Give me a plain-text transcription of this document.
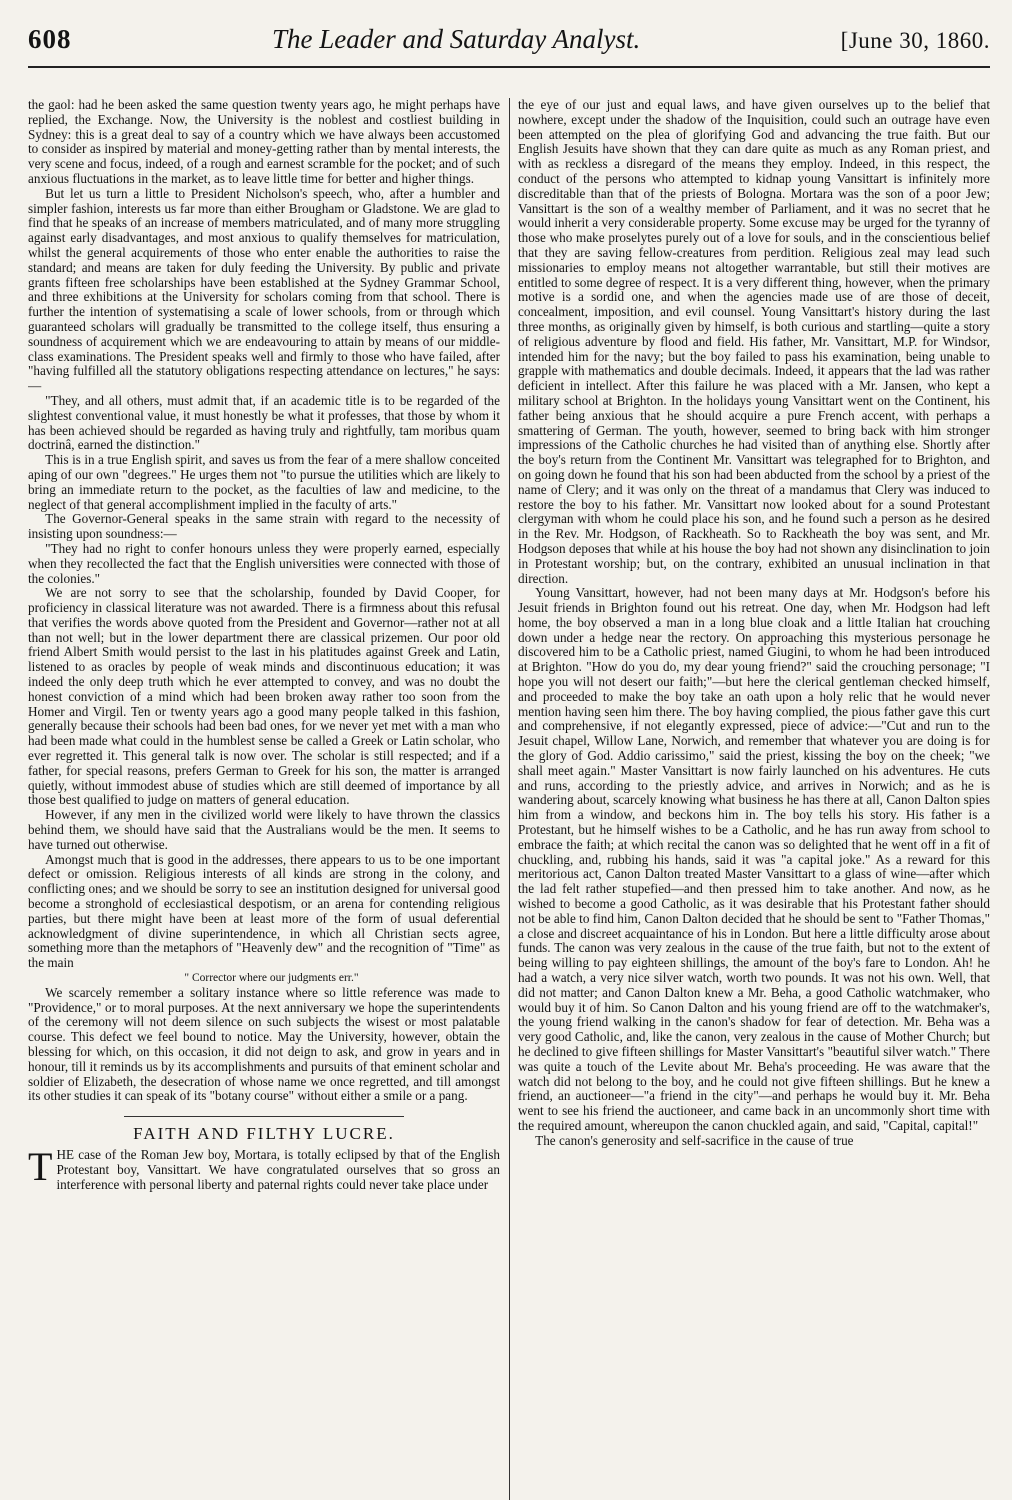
608	The Leader and Saturday Analyst.	[June 30, 1860.

the gaol: had he been asked the same question twenty years ago, he might perhaps have replied, the Exchange. Now, the University is the noblest and costliest building in Sydney: this is a great deal to say of a country which we have always been accustomed to consider as inspired by material and money-getting rather than by mental interests, the very scene and focus, indeed, of a rough and earnest scramble for the pocket; and of such anxious fluctuations in the market, as to leave little time for better and higher things.

But let us turn a little to President Nicholson's speech, who, after a humbler and simpler fashion, interests us far more than either Brougham or Gladstone. We are glad to find that he speaks of an increase of members matriculated, and of many more struggling against early disadvantages, and most anxious to qualify themselves for matriculation, whilst the general acquirements of those who enter enable the authorities to raise the standard; and means are taken for duly feeding the University. By public and private grants fifteen free scholarships have been established at the Sydney Grammar School, and three exhibitions at the University for scholars coming from that school. There is further the intention of systematising a scale of lower schools, from or through which guaranteed scholars will gradually be transmitted to the college itself, thus ensuring a soundness of acquirement which we are endeavouring to attain by means of our middle-class examinations. The President speaks well and firmly to those who have failed, after "having fulfilled all the statutory obligations respecting attendance on lectures," he says:—

"They, and all others, must admit that, if an academic title is to be regarded of the slightest conventional value, it must honestly be what it professes, that those by whom it has been achieved should be regarded as having truly and rightfully, tam moribus quam doctrinâ, earned the distinction."

This is in a true English spirit, and saves us from the fear of a mere shallow conceited aping of our own "degrees." He urges them not "to pursue the utilities which are likely to bring an immediate return to the pocket, as the faculties of law and medicine, to the neglect of that general accomplishment implied in the faculty of arts."

The Governor-General speaks in the same strain with regard to the necessity of insisting upon soundness:—

"They had no right to confer honours unless they were properly earned, especially when they recollected the fact that the English universities were connected with those of the colonies."

We are not sorry to see that the scholarship, founded by David Cooper, for proficiency in classical literature was not awarded. There is a firmness about this refusal that verifies the words above quoted from the President and Governor—rather not at all than not well; but in the lower department there are classical prizemen. Our poor old friend Albert Smith would persist to the last in his platitudes against Greek and Latin, listened to as oracles by people of weak minds and discontinuous education; it was indeed the only deep truth which he ever attempted to convey, and was no doubt the honest conviction of a mind which had been broken away rather too soon from the Homer and Virgil. Ten or twenty years ago a good many people talked in this fashion, generally because their schools had been bad ones, for we never yet met with a man who had been made what could in the humblest sense be called a Greek or Latin scholar, who ever regretted it. This general talk is now over. The scholar is still respected; and if a father, for special reasons, prefers German to Greek for his son, the matter is arranged quietly, without immodest abuse of studies which are still deemed of importance by all those best qualified to judge on matters of general education.

However, if any men in the civilized world were likely to have thrown the classics behind them, we should have said that the Australians would be the men. It seems to have turned out otherwise.

Amongst much that is good in the addresses, there appears to us to be one important defect or omission. Religious interests of all kinds are strong in the colony, and conflicting ones; and we should be sorry to see an institution designed for universal good become a stronghold of ecclesiastical despotism, or an arena for contending religious parties, but there might have been at least more of the form of usual deferential acknowledgment of divine superintendence, in which all Christian sects agree, something more than the metaphors of "Heavenly dew" and the recognition of "Time" as the main

" Corrector where our judgments err."

We scarcely remember a solitary instance where so little reference was made to "Providence," or to moral purposes. At the next anniversary we hope the superintendents of the ceremony will not deem silence on such subjects the wisest or most palatable course. This defect we feel bound to notice. May the University, however, obtain the blessing for which, on this occasion, it did not deign to ask, and grow in years and in honour, till it reminds us by its accomplishments and pursuits of that eminent scholar and soldier of Elizabeth, the desecration of whose name we once regretted, and till amongst its other studies it can speak of its "botany course" without either a smile or a pang.

FAITH AND FILTHY LUCRE.

THE case of the Roman Jew boy, Mortara, is totally eclipsed by that of the English Protestant boy, Vansittart. We have congratulated ourselves that so gross an interference with personal liberty and paternal rights could never take place under

the eye of our just and equal laws, and have given ourselves up to the belief that nowhere, except under the shadow of the Inquisition, could such an outrage have even been attempted on the plea of glorifying God and advancing the true faith. But our English Jesuits have shown that they can dare quite as much as any Roman priest, and with as reckless a disregard of the means they employ. Indeed, in this respect, the conduct of the persons who attempted to kidnap young Vansittart is infinitely more discreditable than that of the priests of Bologna. Mortara was the son of a poor Jew; Vansittart is the son of a wealthy member of Parliament, and it was no secret that he would inherit a very considerable property. Some excuse may be urged for the tyranny of those who make proselytes purely out of a love for souls, and in the conscientious belief that they are saving fellow-creatures from perdition. Religious zeal may lead such missionaries to employ means not altogether warrantable, but still their motives are entitled to some degree of respect. It is a very different thing, however, when the primary motive is a sordid one, and when the agencies made use of are those of deceit, concealment, imposition, and evil counsel. Young Vansittart's history during the last three months, as originally given by himself, is both curious and startling—quite a story of religious adventure by flood and field. His father, Mr. Vansittart, M.P. for Windsor, intended him for the navy; but the boy failed to pass his examination, being unable to grapple with mathematics and double decimals. Indeed, it appears that the lad was rather deficient in intellect. After this failure he was placed with a Mr. Jansen, who kept a military school at Brighton. In the holidays young Vansittart went on the Continent, his father being anxious that he should acquire a pure French accent, with perhaps a smattering of German. The youth, however, seemed to bring back with him stronger impressions of the Catholic churches he had visited than of anything else. Shortly after the boy's return from the Continent Mr. Vansittart was telegraphed for to Brighton, and on going down he found that his son had been abducted from the school by a priest of the name of Clery; and it was only on the threat of a mandamus that Clery was induced to restore the boy to his father. Mr. Vansittart now looked about for a sound Protestant clergyman with whom he could place his son, and he found such a person as he desired in the Rev. Mr. Hodgson, of Rackheath. So to Rackheath the boy was sent, and Mr. Hodgson deposes that while at his house the boy had not shown any disinclination to join in Protestant worship; but, on the contrary, exhibited an unusual inclination in that direction.

Young Vansittart, however, had not been many days at Mr. Hodgson's before his Jesuit friends in Brighton found out his retreat. One day, when Mr. Hodgson had left home, the boy observed a man in a long blue cloak and a little Italian hat crouching down under a hedge near the rectory. On approaching this mysterious personage he discovered him to be a Catholic priest, named Giugini, to whom he had been introduced at Brighton. "How do you do, my dear young friend?" said the crouching personage; "I hope you will not desert our faith;"—but here the clerical gentleman checked himself, and proceeded to make the boy take an oath upon a holy relic that he would never mention having seen him there. The boy having complied, the pious father gave this curt and comprehensive, if not elegantly expressed, piece of advice:—"Cut and run to the Jesuit chapel, Willow Lane, Norwich, and remember that whatever you are doing is for the glory of God. Addio carissimo," said the priest, kissing the boy on the cheek; "we shall meet again." Master Vansittart is now fairly launched on his adventures. He cuts and runs, according to the priestly advice, and arrives in Norwich; and as he is wandering about, scarcely knowing what business he has there at all, Canon Dalton spies him from a window, and beckons him in. The boy tells his story. His father is a Protestant, but he himself wishes to be a Catholic, and he has run away from school to embrace the faith; at which recital the canon was so delighted that he went off in a fit of chuckling, and, rubbing his hands, said it was "a capital joke." As a reward for this meritorious act, Canon Dalton treated Master Vansittart to a glass of wine—after which the lad felt rather stupefied—and then pressed him to take another. And now, as he wished to become a good Catholic, as it was desirable that his Protestant father should not be able to find him, Canon Dalton decided that he should be sent to "Father Thomas," a close and discreet acquaintance of his in London. But here a little difficulty arose about funds. The canon was very zealous in the cause of the true faith, but not to the extent of being willing to pay eighteen shillings, the amount of the boy's fare to London. Ah! he had a watch, a very nice silver watch, worth two pounds. It was not his own. Well, that did not matter; and Canon Dalton knew a Mr. Beha, a good Catholic watchmaker, who would buy it of him. So Canon Dalton and his young friend are off to the watchmaker's, the young friend walking in the canon's shadow for fear of detection. Mr. Beha was a very good Catholic, and, like the canon, very zealous in the cause of Mother Church; but he declined to give fifteen shillings for Master Vansittart's "beautiful silver watch." There was quite a touch of the Levite about Mr. Beha's proceeding. He was aware that the watch did not belong to the boy, and he could not give fifteen shillings. But he knew a friend, an auctioneer—"a friend in the city"—and perhaps he would buy it. Mr. Beha went to see his friend the auctioneer, and came back in an uncommonly short time with the required amount, whereupon the canon chuckled again, and said, "Capital, capital!"

The canon's generosity and self-sacrifice in the cause of true
